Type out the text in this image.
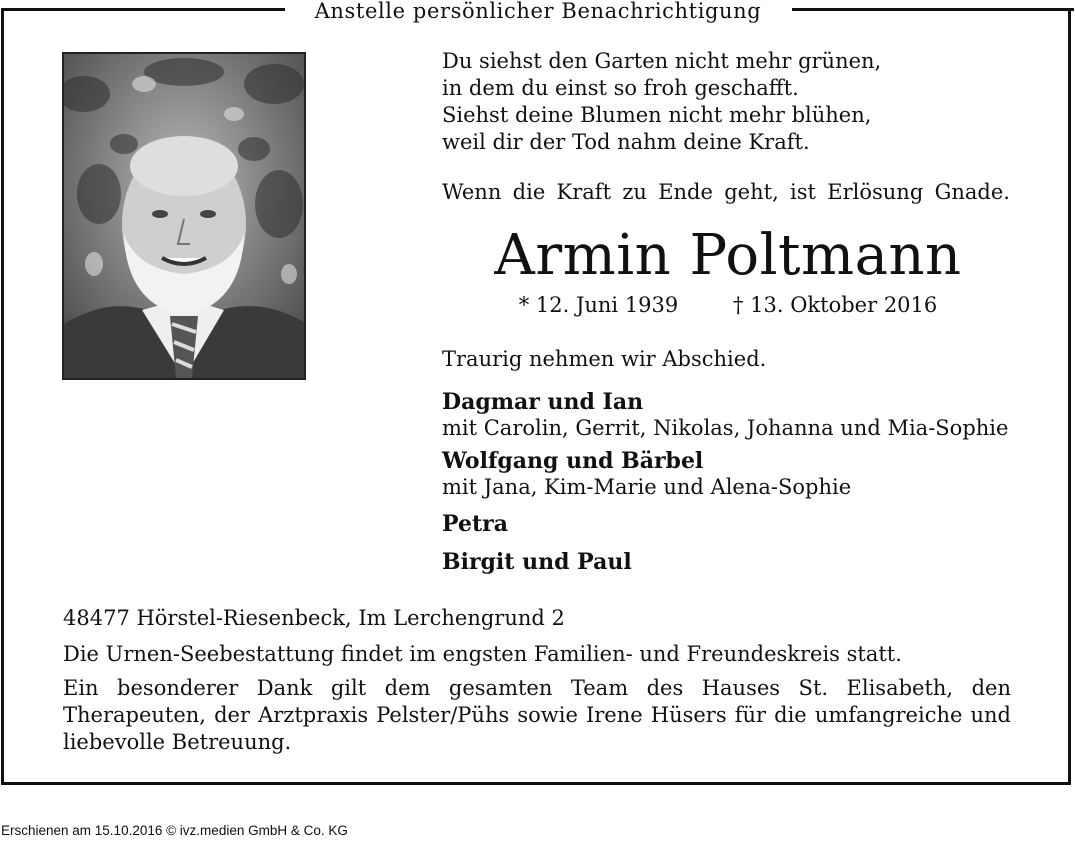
Anstelle persönlicher Benachrichtigung
Du siehst den Garten nicht mehr grünen,
in dem du einst so froh geschafft.
Siehst deine Blumen nicht mehr blühen,
weil dir der Tod nahm deine Kraft.
Wenn die Kraft zu Ende geht, ist Erlösung Gnade.
Armin Poltmann
* 12. Juni 1939	† 13. Oktober 2016
Traurig nehmen wir Abschied.
Dagmar und Ian
mit Carolin, Gerrit, Nikolas, Johanna und Mia-Sophie
Wolfgang und Bärbel
mit Jana, Kim-Marie und Alena-Sophie
Petra
Birgit und Paul
48477 Hörstel-Riesenbeck, Im Lerchengrund 2
Die Urnen-Seebestattung findet im engsten Familien- und Freundeskreis statt.
Ein besonderer Dank gilt dem gesamten Team des Hauses St. Elisabeth, den Therapeuten, der Arztpraxis Pelster/Pühs sowie Irene Hüsers für die umfangreiche und liebevolle Betreuung.
Erschienen am 15.10.2016 © ivz.medien GmbH & Co. KG
